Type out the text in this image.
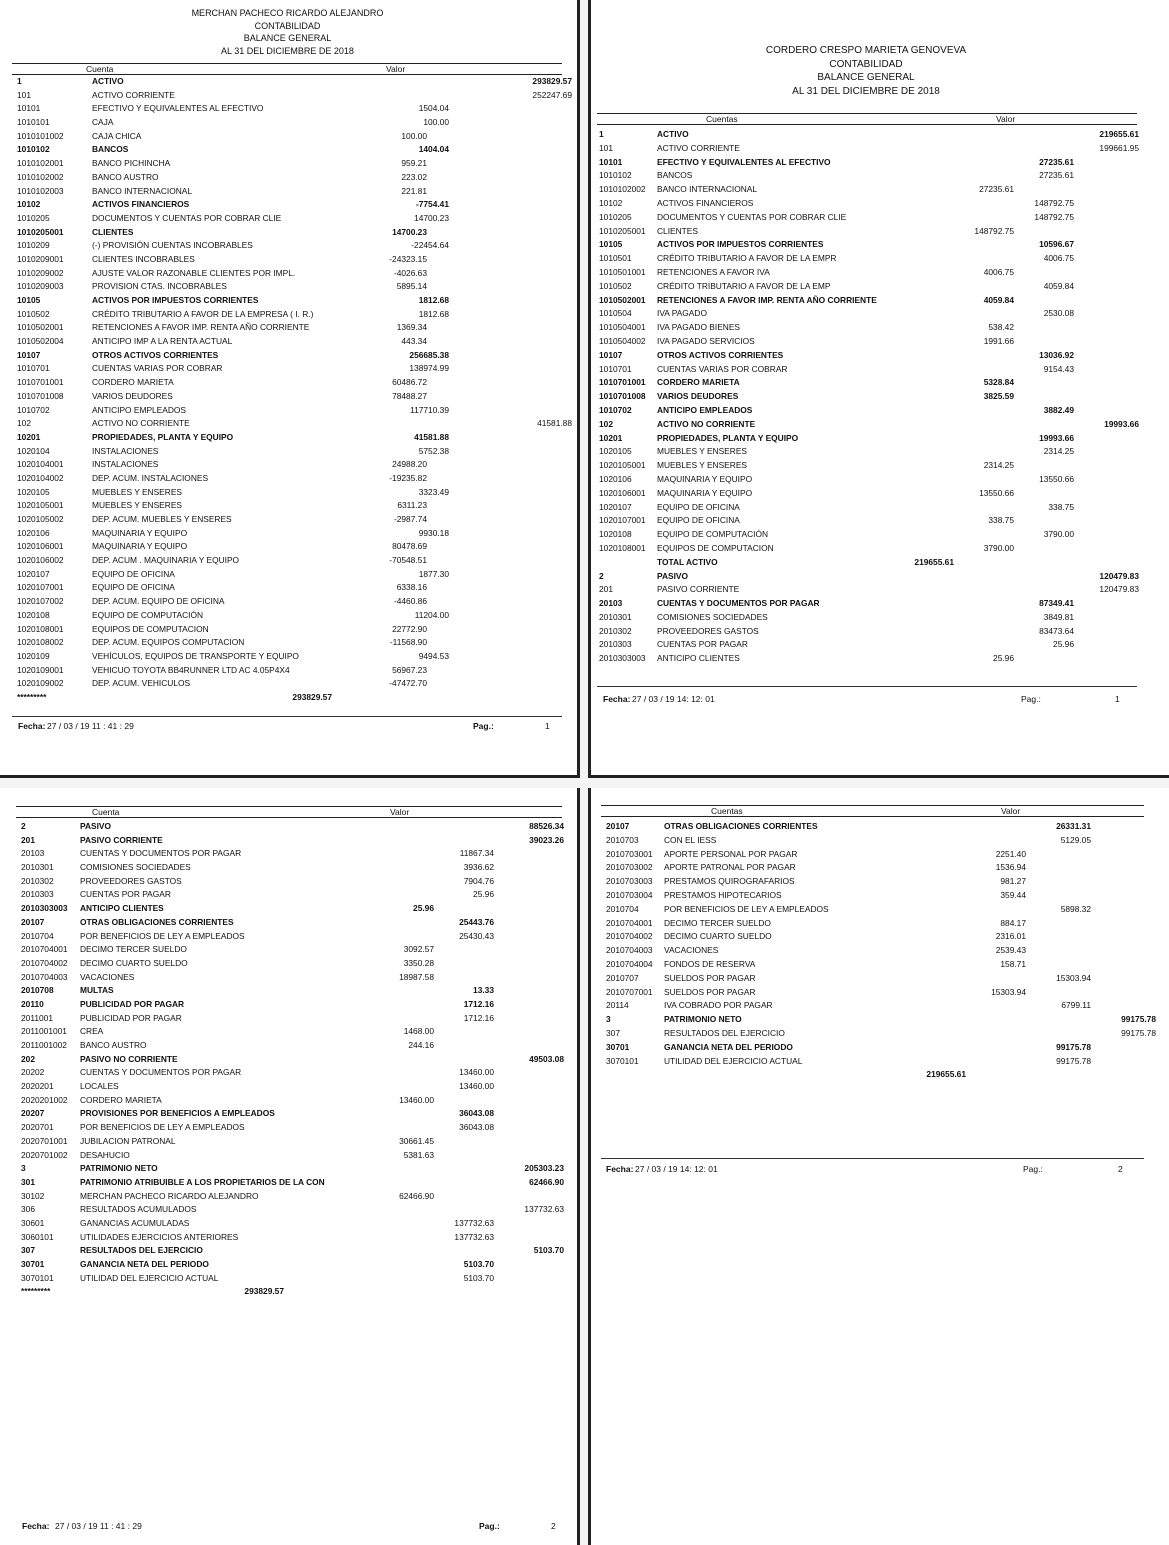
MERCHAN PACHECO RICARDO ALEJANDRO
CONTABILIDAD
BALANCE GENERAL
AL 31 DEL DICIEMBRE DE 2018
Cuenta	Valor
1	ACTIVO	293829.57
101	ACTIVO CORRIENTE	252247.69
10101	EFECTIVO Y EQUIVALENTES AL EFECTIVO	1504.04
1010101	CAJA	100.00
1010101002	CAJA CHICA	100.00
1010102	BANCOS	1404.04
1010102001	BANCO PICHINCHA	959.21
1010102002	BANCO AUSTRO	223.02
1010102003	BANCO INTERNACIONAL	221.81
10102	ACTIVOS FINANCIEROS	-7754.41
1010205	DOCUMENTOS Y CUENTAS POR COBRAR CLIE	14700.23
1010205001	CLIENTES	14700.23
1010209	(-) PROVISIÓN CUENTAS INCOBRABLES	-22454.64
1010209001	CLIENTES INCOBRABLES	-24323.15
1010209002	AJUSTE VALOR RAZONABLE CLIENTES POR IMPL.	-4026.63
1010209003	PROVISION CTAS. INCOBRABLES	5895.14
10105	ACTIVOS POR IMPUESTOS CORRIENTES	1812.68
1010502	CRÉDITO TRIBUTARIO A FAVOR DE LA EMPRESA ( I. R.)	1812.68
1010502001	RETENCIONES A FAVOR IMP. RENTA AÑO CORRIENTE	1369.34
1010502004	ANTICIPO IMP A LA RENTA ACTUAL	443.34
10107	OTROS ACTIVOS CORRIENTES	256685.38
1010701	CUENTAS VARIAS POR COBRAR	138974.99
1010701001	CORDERO MARIETA	60486.72
1010701008	VARIOS DEUDORES	78488.27
1010702	ANTICIPO EMPLEADOS	117710.39
102	ACTIVO NO CORRIENTE	41581.88
10201	PROPIEDADES, PLANTA Y EQUIPO	41581.88
1020104	INSTALACIONES	5752.38
1020104001	INSTALACIONES	24988.20
1020104002	DEP. ACUM. INSTALACIONES	-19235.82
1020105	MUEBLES Y ENSERES	3323.49
1020105001	MUEBLES Y ENSERES	6311.23
1020105002	DEP. ACUM. MUEBLES Y ENSERES	-2987.74
1020106	MAQUINARIA Y EQUIPO	9930.18
1020106001	MAQUINARIA Y EQUIPO	80478.69
1020106002	DEP. ACUM . MAQUINARIA Y EQUIPO	-70548.51
1020107	EQUIPO DE OFICINA	1877.30
1020107001	EQUIPO DE OFICINA	6338.16
1020107002	DEP. ACUM. EQUIPO DE OFICINA	-4460.86
1020108	EQUIPO DE COMPUTACIÓN	11204.00
1020108001	EQUIPOS DE COMPUTACION	22772.90
1020108002	DEP. ACUM. EQUIPOS COMPUTACION	-11568.90
1020109	VEHÍCULOS, EQUIPOS DE TRANSPORTE Y EQUIPO	9494.53
1020109001	VEHICUO TOYOTA BB4RUNNER LTD AC 4.05P4X4	56967.23
1020109002	DEP. ACUM. VEHICULOS	-47472.70
*********	293829.57
Fecha: 27 / 03 / 19 11 : 41 : 29	Pag.:	1
CORDERO CRESPO MARIETA GENOVEVA
CONTABILIDAD
BALANCE GENERAL
AL 31 DEL DICIEMBRE DE 2018
Cuentas	Valor
1	ACTIVO	219655.61
101	ACTIVO CORRIENTE	199661.95
10101	EFECTIVO Y EQUIVALENTES AL EFECTIVO	27235.61
1010102	BANCOS	27235.61
1010102002 BANCO INTERNACIONAL	27235.61
10102	ACTIVOS FINANCIEROS	148792.75
1010205	DOCUMENTOS Y CUENTAS POR COBRAR CLIE	148792.75
1010205001 CLIENTES	148792.75
10105	ACTIVOS POR IMPUESTOS CORRIENTES	10596.67
1010501	CRÉDITO TRIBUTARIO A FAVOR DE LA EMPR	4006.75
1010501001 RETENCIONES A FAVOR IVA	4006.75
1010502	CRÉDITO TRIBUTARIO A FAVOR DE LA EMP	4059.84
1010502001 RETENCIONES A FAVOR IMP. RENTA AÑO CORRIENTE	4059.84
1010504	IVA PAGADO	2530.08
1010504001 IVA PAGADO BIENES	538.42
1010504002 IVA PAGADO SERVICIOS	1991.66
10107	OTROS ACTIVOS CORRIENTES	13036.92
1010701	CUENTAS VARIAS POR COBRAR	9154.43
1010701001 CORDERO MARIETA	5328.84
1010701008 VARIOS DEUDORES	3825.59
1010702	ANTICIPO EMPLEADOS	3882.49
102	ACTIVO NO CORRIENTE	19993.66
10201	PROPIEDADES, PLANTA Y EQUIPO	19993.66
1020105	MUEBLES Y ENSERES	2314.25
1020105001 MUEBLES Y ENSERES	2314.25
1020106	MAQUINARIA Y EQUIPO	13550.66
1020106001 MAQUINARIA Y EQUIPO	13550.66
1020107	EQUIPO DE OFICINA	338.75
1020107001 EQUIPO DE OFICINA	338.75
1020108	EQUIPO DE COMPUTACIÓN	3790.00
1020108001 EQUIPOS DE COMPUTACION	3790.00
TOTAL ACTIVO	219655.61
2	PASIVO	120479.83
201	PASIVO CORRIENTE	120479.83
20103	CUENTAS Y DOCUMENTOS POR PAGAR	87349.41
2010301	COMISIONES SOCIEDADES	3849.81
2010302	PROVEEDORES GASTOS	83473.64
2010303	CUENTAS POR PAGAR	25.96
2010303003 ANTICIPO CLIENTES	25.96
Fecha: 27 / 03 / 19 14: 12: 01	Pag.:	1
Cuenta	Valor
2	PASIVO	88526.34
201	PASIVO CORRIENTE	39023.26
20103	CUENTAS Y DOCUMENTOS POR PAGAR	11867.34
2010301	COMISIONES SOCIEDADES	3936.62
2010302	PROVEEDORES GASTOS	7904.76
2010303	CUENTAS POR PAGAR	25.96
2010303003 ANTICIPO CLIENTES	25.96
20107	OTRAS OBLIGACIONES CORRIENTES	25443.76
2010704	POR BENEFICIOS DE LEY A EMPLEADOS	25430.43
2010704001 DECIMO TERCER SUELDO	3092.57
2010704002 DECIMO CUARTO SUELDO	3350.28
2010704003 VACACIONES	18987.58
2010708	MULTAS	13.33
20110	PUBLICIDAD POR PAGAR	1712.16
2011001	PUBLICIDAD POR PAGAR	1712.16
2011001001 CREA	1468.00
2011001002 BANCO AUSTRO	244.16
202	PASIVO NO CORRIENTE	49503.08
20202	CUENTAS Y DOCUMENTOS POR PAGAR	13460.00
2020201	LOCALES	13460.00
2020201002 CORDERO MARIETA	13460.00
20207	PROVISIONES POR BENEFICIOS A EMPLEADOS	36043.08
2020701	POR BENEFICIOS DE LEY A EMPLEADOS	36043.08
2020701001 JUBILACION PATRONAL	30661.45
2020701002 DESAHUCIO	5381.63
3	PATRIMONIO NETO	205303.23
301	PATRIMONIO ATRIBUIBLE A LOS PROPIETARIOS DE LA CON	62466.90
30102	MERCHAN PACHECO RICARDO ALEJANDRO	62466.90
306	RESULTADOS ACUMULADOS	137732.63
30601	GANANCIAS ACUMULADAS	137732.63
3060101	UTILIDADES EJERCICIOS ANTERIORES	137732.63
307	RESULTADOS DEL EJERCICIO	5103.70
30701	GANANCIA NETA DEL PERIODO	5103.70
3070101	UTILIDAD DEL EJERCICIO ACTUAL	5103.70
*********	293829.57
Fecha: 27 / 03 / 19 11 : 41 : 29	Pag.:	2
Cuentas	Valor
20107	OTRAS OBLIGACIONES CORRIENTES	26331.31
2010703	CON EL IESS	5129.05
2010703001 APORTE PERSONAL POR PAGAR	2251.40
2010703002 APORTE PATRONAL POR PAGAR	1536.94
2010703003 PRESTAMOS QUIROGRAFARIOS	981.27
2010703004 PRESTAMOS HIPOTECARIOS	359.44
2010704	POR BENEFICIOS DE LEY A EMPLEADOS	5898.32
2010704001 DECIMO TERCER SUELDO	884.17
2010704002 DECIMO CUARTO SUELDO	2316.01
2010704003 VACACIONES	2539.43
2010704004 FONDOS DE RESERVA	158.71
2010707	SUELDOS POR PAGAR	15303.94
2010707001 SUELDOS POR PAGAR	15303.94
20114	IVA COBRADO POR PAGAR	6799.11
3	PATRIMONIO NETO	99175.78
307	RESULTADOS DEL EJERCICIO	99175.78
30701	GANANCIA NETA DEL PERIODO	99175.78
3070101	UTILIDAD DEL EJERCICIO ACTUAL	99175.78
219655.61
Fecha: 27 / 03 / 19 14: 12: 01	Pag.:	2
